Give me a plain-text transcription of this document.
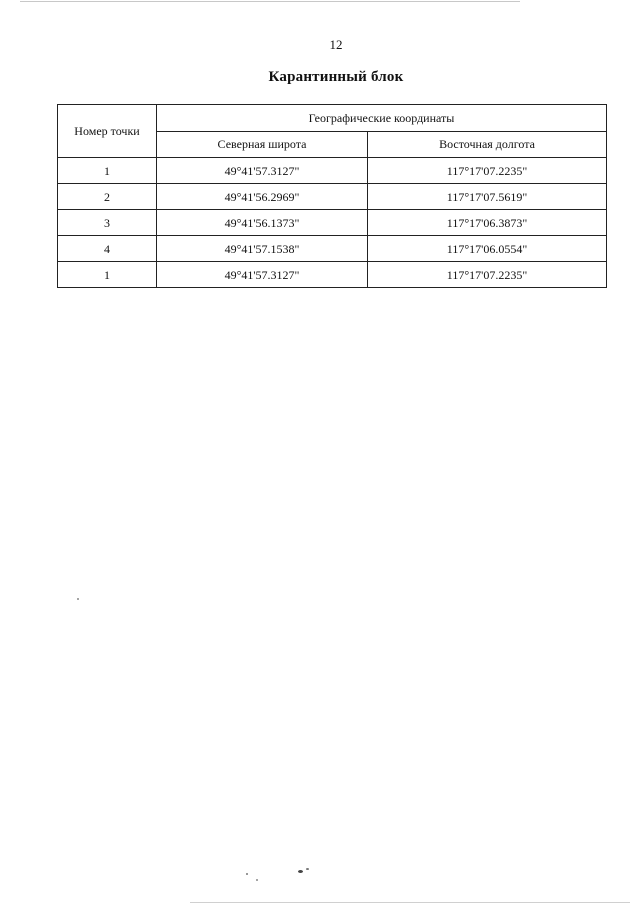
12
Карантинный блок
Номер точки	Географические координаты	
	Северная широта	Восточная долгота
1	49°41'57.3127"	117°17'07.2235"
2	49°41'56.2969"	117°17'07.5619"
3	49°41'56.1373"	117°17'06.3873"
4	49°41'57.1538"	117°17'06.0554"
1	49°41'57.3127"	117°17'07.2235"
